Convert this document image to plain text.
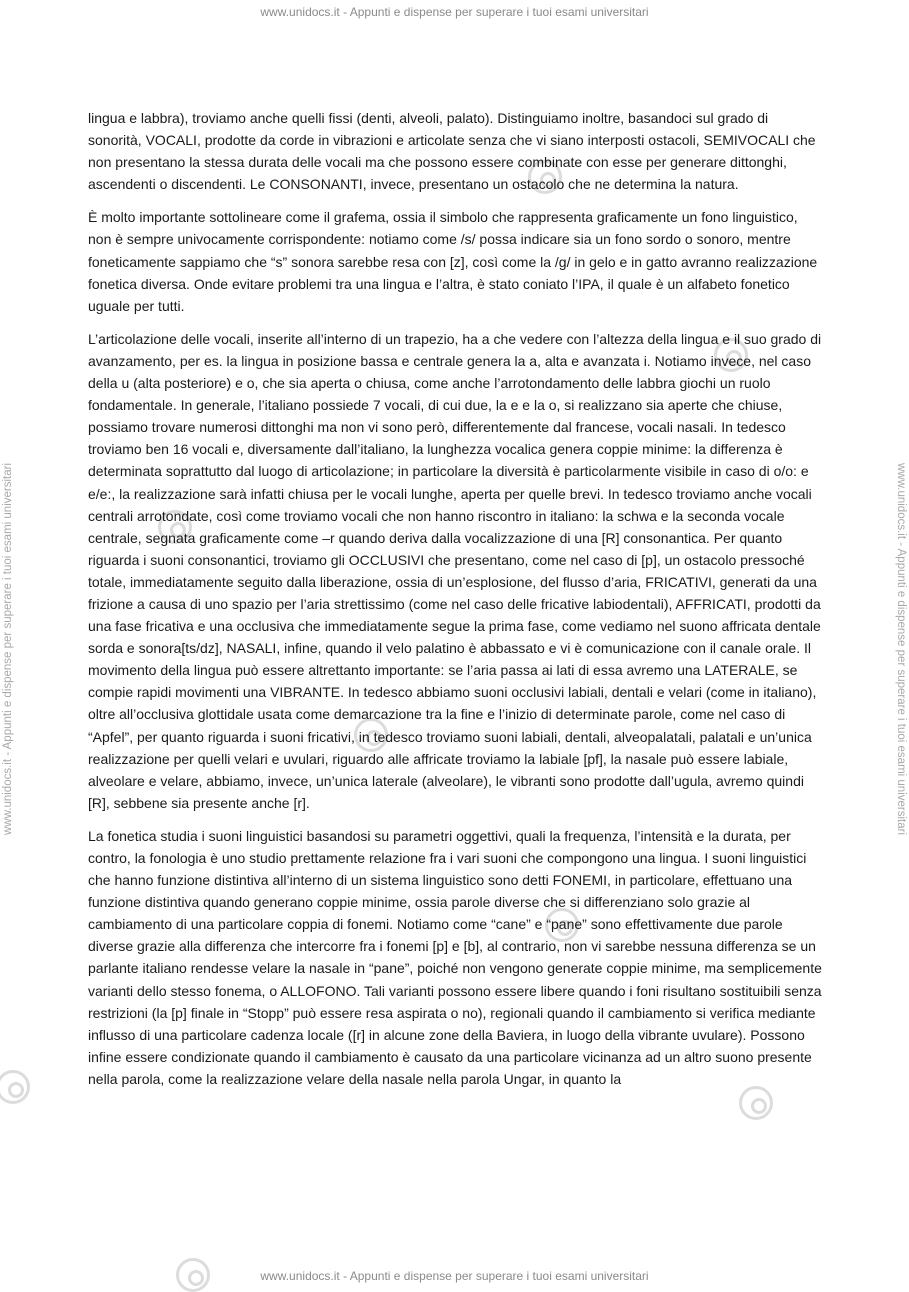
www.unidocs.it - Appunti e dispense per superare i tuoi esami universitari
www.unidocs.it - Appunti e dispense per superare i tuoi esami universitari	www.unidocs.it - Appunti e dispense per superare i tuoi esami universitari

lingua e labbra), troviamo anche quelli fissi (denti, alveoli, palato). Distinguiamo inoltre, basandoci sul grado di sonorità, VOCALI, prodotte da corde in vibrazioni e articolate senza che vi siano interposti ostacoli, SEMIVOCALI che non presentano la stessa durata delle vocali ma che possono essere combinate con esse per generare dittonghi, ascendenti o discendenti. Le CONSONANTI, invece, presentano un ostacolo che ne determina la natura.

È molto importante sottolineare come il grafema, ossia il simbolo che rappresenta graficamente un fono linguistico, non è sempre univocamente corrispondente: notiamo come /s/ possa indicare sia un fono sordo o sonoro, mentre foneticamente sappiamo che “s” sonora sarebbe resa con [z], così come la /g/ in gelo e in gatto avranno realizzazione fonetica diversa. Onde evitare problemi tra una lingua e l’altra, è stato coniato l’IPA, il quale è un alfabeto fonetico uguale per tutti.

L’articolazione delle vocali, inserite all’interno di un trapezio, ha a che vedere con l’altezza della lingua e il suo grado di avanzamento, per es. la lingua in posizione bassa e centrale genera la a, alta e avanzata i. Notiamo invece, nel caso della u (alta posteriore) e o, che sia aperta o chiusa, come anche l’arrotondamento delle labbra giochi un ruolo fondamentale. In generale, l’italiano possiede 7 vocali, di cui due, la e e la o, si realizzano sia aperte che chiuse, possiamo trovare numerosi dittonghi ma non vi sono però, differentemente dal francese, vocali nasali. In tedesco troviamo ben 16 vocali e, diversamente dall’italiano, la lunghezza vocalica genera coppie minime: la differenza è determinata soprattutto dal luogo di articolazione; in particolare la diversità è particolarmente visibile in caso di o/o: e e/e:, la realizzazione sarà infatti chiusa per le vocali lunghe, aperta per quelle brevi. In tedesco troviamo anche vocali centrali arrotondate, così come troviamo vocali che non hanno riscontro in italiano: la schwa e la seconda vocale centrale, segnata graficamente come –r quando deriva dalla vocalizzazione di una [R] consonantica. Per quanto riguarda i suoni consonantici, troviamo gli OCCLUSIVI che presentano, come nel caso di [p], un ostacolo pressoché totale, immediatamente seguito dalla liberazione, ossia di un’esplosione, del flusso d’aria, FRICATIVI, generati da una frizione a causa di uno spazio per l’aria strettissimo (come nel caso delle fricative labiodentali), AFFRICATI, prodotti da una fase fricativa e una occlusiva che immediatamente segue la prima fase, come vediamo nel suono affricata dentale sorda e sonora[ts/dz], NASALI, infine, quando il velo palatino è abbassato e vi è comunicazione con il canale orale. Il movimento della lingua può essere altrettanto importante: se l’aria passa ai lati di essa avremo una LATERALE, se compie rapidi movimenti una VIBRANTE. In tedesco abbiamo suoni occlusivi labiali, dentali e velari (come in italiano), oltre all’occlusiva glottidale usata come demarcazione tra la fine e l’inizio di determinate parole, come nel caso di “Apfel”, per quanto riguarda i suoni fricativi, in tedesco troviamo suoni labiali, dentali, alveopalatali, palatali e un’unica realizzazione per quelli velari e uvulari, riguardo alle affricate troviamo la labiale [pf], la nasale può essere labiale, alveolare e velare, abbiamo, invece, un’unica laterale (alveolare), le vibranti sono prodotte dall’ugula, avremo quindi [R], sebbene sia presente anche [r].

La fonetica studia i suoni linguistici basandosi su parametri oggettivi, quali la frequenza, l’intensità e la durata, per contro, la fonologia è uno studio prettamente relazione fra i vari suoni che compongono una lingua. I suoni linguistici che hanno funzione distintiva all’interno di un sistema linguistico sono detti FONEMI, in particolare, effettuano una funzione distintiva quando generano coppie minime, ossia parole diverse che si differenziano solo grazie al cambiamento di una particolare coppia di fonemi. Notiamo come “cane” e “pane” sono effettivamente due parole diverse grazie alla differenza che intercorre fra i fonemi [p] e [b], al contrario, non vi sarebbe nessuna differenza se un parlante italiano rendesse velare la nasale in “pane”, poiché non vengono generate coppie minime, ma semplicemente varianti dello stesso fonema, o ALLOFONO. Tali varianti possono essere libere quando i foni risultano sostituibili senza restrizioni (la [p] finale in “Stopp” può essere resa aspirata o no), regionali quando il cambiamento si verifica mediante influsso di una particolare cadenza locale ([r] in alcune zone della Baviera, in luogo della vibrante uvulare). Possono infine essere condizionate quando il cambiamento è causato da una particolare vicinanza ad un altro suono presente nella parola, come la realizzazione velare della nasale nella parola Ungar, in quanto la

www.unidocs.it - Appunti e dispense per superare i tuoi esami universitari
